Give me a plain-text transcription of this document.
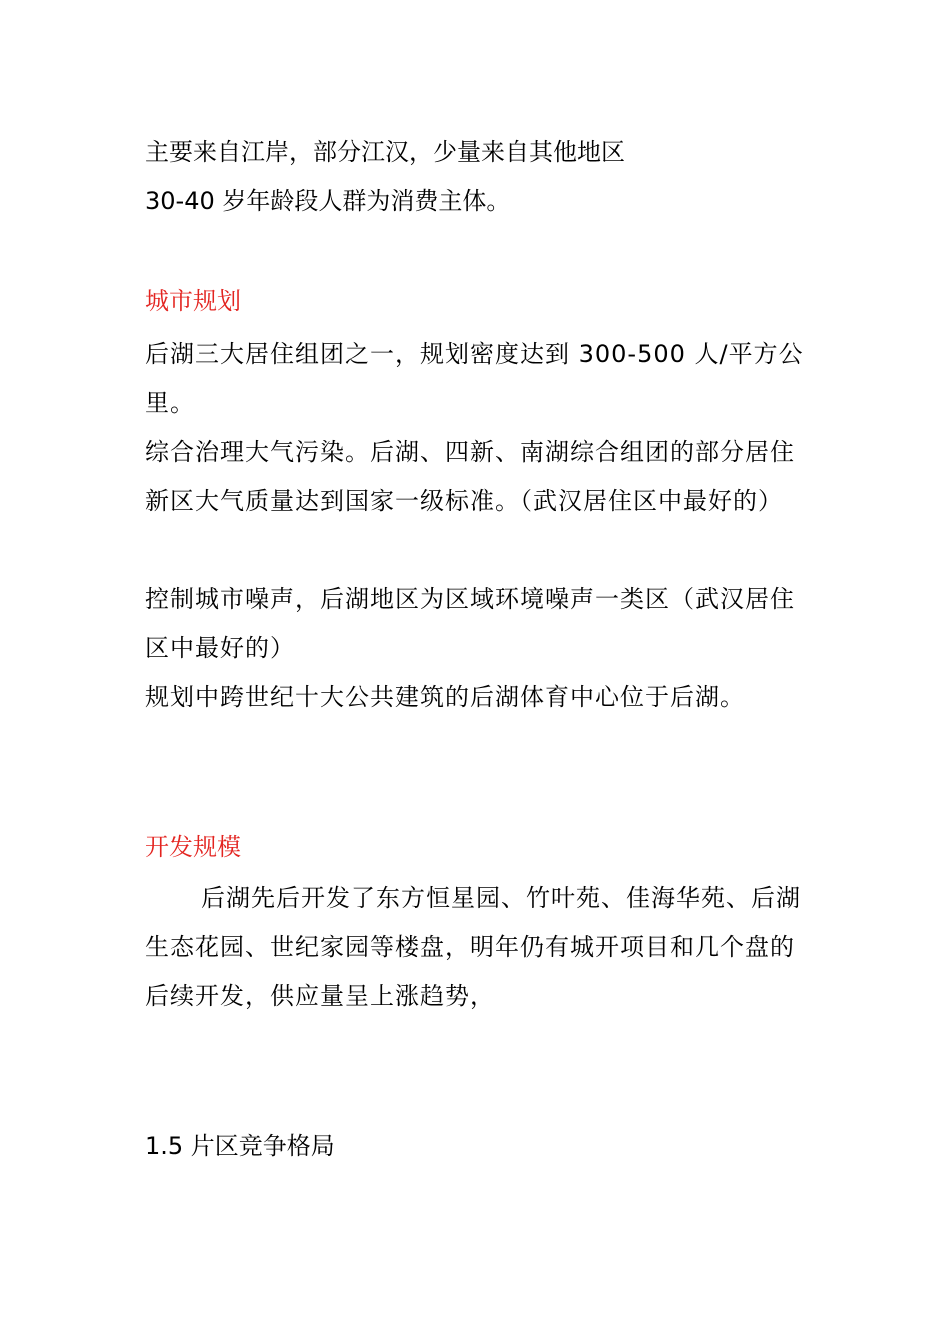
主要来自江岸，部分江汉，少量来自其他地区
30-40 岁年龄段人群为消费主体。
城市规划
后湖三大居住组团之一，规划密度达到 300-500 人/平方公里。
综合治理大气污染。后湖、四新、南湖综合组团的部分居住新区大气质量达到国家一级标准。（武汉居住区中最好的）
控制城市噪声，后湖地区为区域环境噪声一类区（武汉居住区中最好的）
规划中跨世纪十大公共建筑的后湖体育中心位于后湖。
开发规模
后湖先后开发了东方恒星园、竹叶苑、佳海华苑、后湖生态花园、世纪家园等楼盘，明年仍有城开项目和几个盘的后续开发，供应量呈上涨趋势，
1.5 片区竞争格局
